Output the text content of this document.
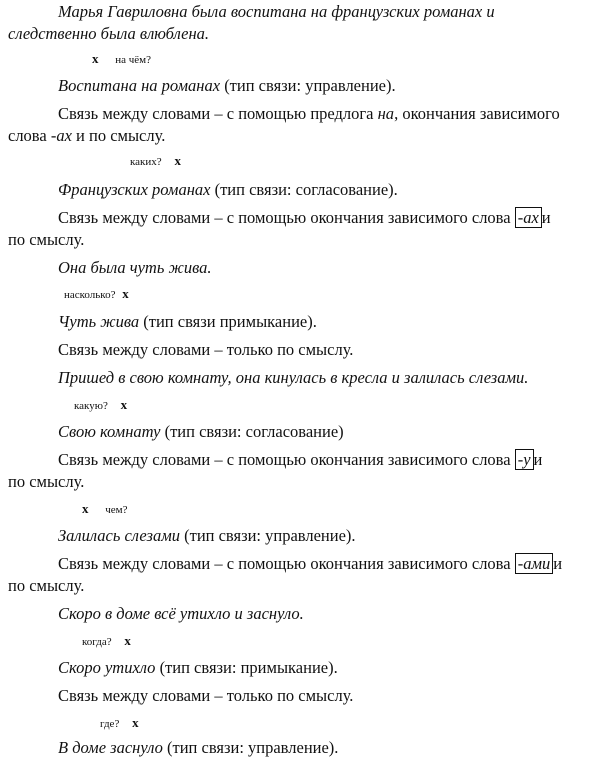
Марья Гавриловна была воспитана на французских романах и
следственно была влюблена.
x на чём?
Воспитана на романах (тип связи: управление).
Связь между словами – с помощью предлога на, окончания зависимого
слова -ах и по смыслу.
каких? x
Французских романах (тип связи: согласование).
Связь между словами – с помощью окончания зависимого слова -ах и
по смыслу.
Она была чуть жива.
насколько? x
Чуть жива (тип связи примыкание).
Связь между словами – только по смыслу.
Пришед в свою комнату, она кинулась в кресла и залилась слезами.
какую? x
Свою комнату (тип связи: согласование)
Связь между словами – с помощью окончания зависимого слова -у и
по смыслу.
x чем?
Залилась слезами (тип связи: управление).
Связь между словами – с помощью окончания зависимого слова -ами и
по смыслу.
Скоро в доме всё утихло и заснуло.
когда? x
Скоро утихло (тип связи: примыкание).
Связь между словами – только по смыслу.
где? x
В доме заснуло (тип связи: управление).
